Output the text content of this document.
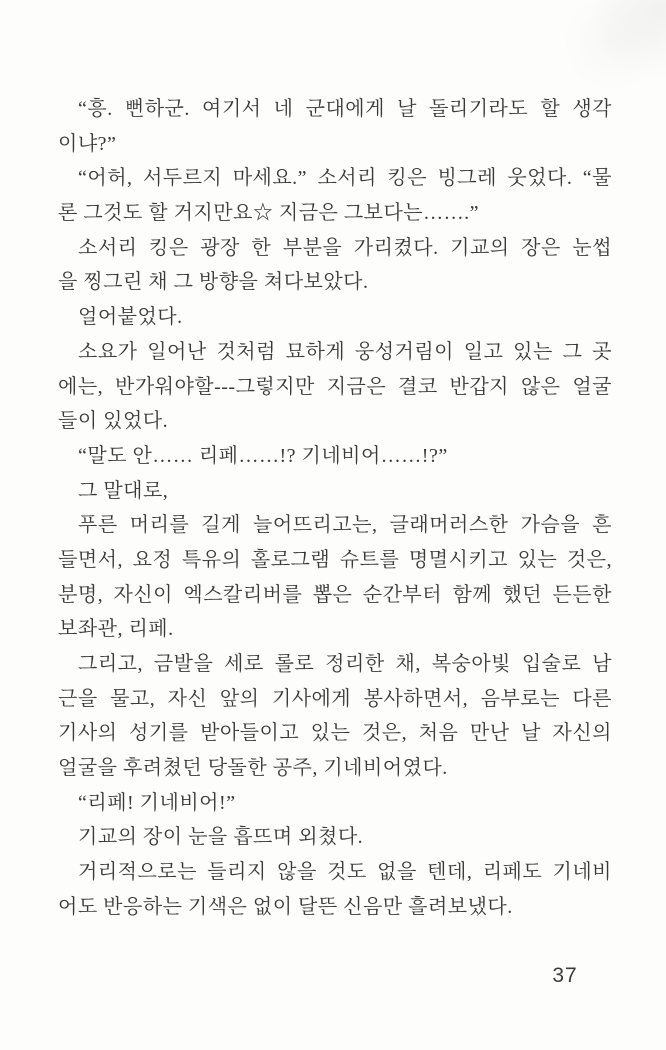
“흥. 뻔하군. 여기서 네 군대에게 날 돌리기라도 할 생각
이냐?”
“어허, 서두르지 마세요.” 소서리 킹은 빙그레 웃었다. “물
론 그것도 할 거지만요☆ 지금은 그보다는…….”
소서리 킹은 광장 한 부분을 가리켰다. 기교의 장은 눈썹
을 찡그린 채 그 방향을 쳐다보았다.
얼어붙었다.
소요가 일어난 것처럼 묘하게 웅성거림이 일고 있는 그 곳
에는, 반가워야할---그렇지만 지금은 결코 반갑지 않은 얼굴
들이 있었다.
“말도 안…… 리페……!? 기네비어……!?”
그 말대로,
푸른 머리를 길게 늘어뜨리고는, 글래머러스한 가슴을 흔
들면서, 요정 특유의 홀로그램 슈트를 명멸시키고 있는 것은,
분명, 자신이 엑스칼리버를 뽑은 순간부터 함께 했던 든든한
보좌관, 리페.
그리고, 금발을 세로 롤로 정리한 채, 복숭아빛 입술로 남
근을 물고, 자신 앞의 기사에게 봉사하면서, 음부로는 다른
기사의 성기를 받아들이고 있는 것은, 처음 만난 날 자신의
얼굴을 후려쳤던 당돌한 공주, 기네비어였다.
“리페! 기네비어!”
기교의 장이 눈을 흡뜨며 외쳤다.
거리적으로는 들리지 않을 것도 없을 텐데, 리페도 기네비
어도 반응하는 기색은 없이 달뜬 신음만 흘려보냈다.
37
